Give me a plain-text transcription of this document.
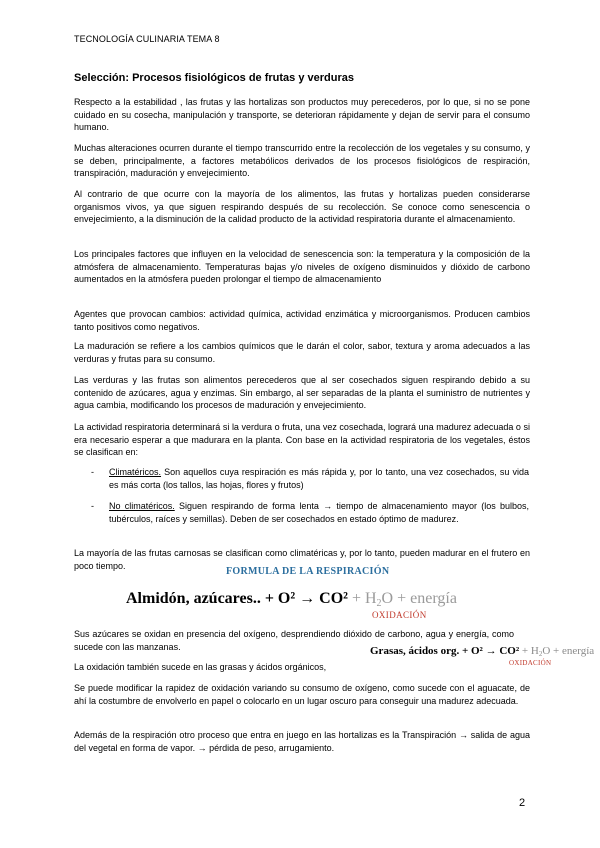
TECNOLOGÍA CULINARIA TEMA 8
Selección: Procesos fisiológicos de frutas y verduras
Respecto a la estabilidad , las frutas y las hortalizas son productos muy perecederos, por lo que, si no se pone cuidado en su cosecha, manipulación y transporte, se deterioran rápidamente y dejan de servir para el consumo humano.
Muchas alteraciones ocurren durante el tiempo transcurrido entre la recolección de los vegetales y su consumo, y se deben, principalmente, a factores metabólicos derivados de los procesos fisiológicos de respiración, transpiración, maduración y envejecimiento.
Al contrario de que ocurre con la mayoría de los alimentos, las frutas y hortalizas pueden considerarse organismos vivos, ya que siguen respirando después de su recolección. Se conoce como senescencia o envejecimiento, a la disminución de la calidad producto de la actividad respiratoria durante el almacenamiento.
Los principales factores que influyen en la velocidad de senescencia son: la temperatura y la composición de la atmósfera de almacenamiento. Temperaturas bajas y/o niveles de oxígeno disminuidos y dióxido de carbono aumentados en la atmósfera pueden prolongar el tiempo de almacenamiento
Agentes que provocan cambios: actividad química, actividad enzimática y microorganismos. Producen cambios tanto positivos como negativos.
La maduración se refiere a los cambios químicos que le darán el color, sabor, textura y aroma adecuados a las verduras y frutas para su consumo.
Las verduras y las frutas son alimentos perecederos que al ser cosechados siguen respirando debido a su contenido de azúcares, agua y enzimas. Sin embargo, al ser separadas de la planta el suministro de nutrientes y agua cambia, modificando los procesos de maduración y envejecimiento.
La actividad respiratoria determinará si la verdura o fruta, una vez cosechada, logrará una madurez adecuada o si era necesario esperar a que madurara en la planta. Con base en la actividad respiratoria de los vegetales, éstos se clasifican en:
- Climatéricos. Son aquellos cuya respiración es más rápida y, por lo tanto, una vez cosechados, su vida es más corta (los tallos, las hojas, flores y frutos)
- No climatéricos. Siguen respirando de forma lenta → tiempo de almacenamiento mayor (los bulbos, tubérculos, raíces y semillas). Deben de ser cosechados en estado óptimo de madurez.
La mayoría de las frutas carnosas se clasifican como climatéricas y, por lo tanto, pueden madurar en el frutero en poco tiempo.
FORMULA DE LA RESPIRACIÓN
Almidón, azúcares.. + $O^2 \to CO^2 + H_2O$ + energía
OXIDACIÓN
Sus azúcares se oxidan en presencia del oxígeno, desprendiendo dióxido de carbono, agua y energía, como sucede con las manzanas.	Grasas, ácidos org. + $O^2 \to CO^2 + H_2O$ + energía
OXIDACIÓN
La oxidación también sucede en las grasas y ácidos orgánicos,
Se puede modificar la rapidez de oxidación variando su consumo de oxígeno, como sucede con el aguacate, de ahí la costumbre de envolverlo en papel o colocarlo en un lugar oscuro para conseguir una madurez adecuada.
Además de la respiración otro proceso que entra en juego en las hortalizas es la Transpiración → salida de agua del vegetal en forma de vapor. → pérdida de peso, arrugamiento.
2
